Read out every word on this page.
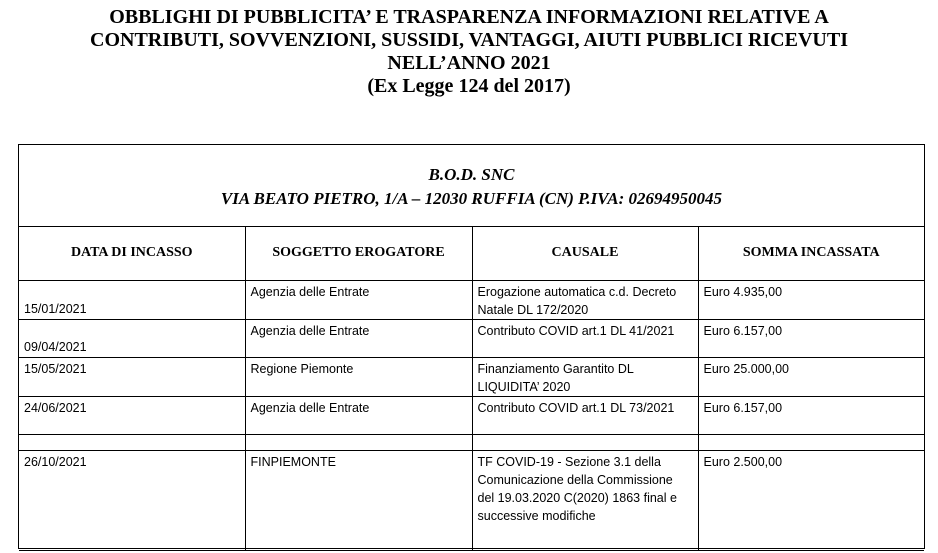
OBBLIGHI DI PUBBLICITA’ E TRASPARENZA INFORMAZIONI RELATIVE A
CONTRIBUTI, SOVVENZIONI, SUSSIDI, VANTAGGI, AIUTI PUBBLICI RICEVUTI
NELL’ANNO 2021
(Ex Legge 124 del 2017)
B.O.D. SNC
VIA BEATO PIETRO, 1/A – 12030 RUFFIA (CN) P.IVA: 02694950045
DATA DI INCASSO	SOGGETTO EROGATORE	CAUSALE	SOMMA INCASSATA
15/01/2021	Agenzia delle Entrate	Erogazione automatica c.d. Decreto Natale DL 172/2020	Euro 4.935,00
09/04/2021	Agenzia delle Entrate	Contributo COVID art.1 DL 41/2021	Euro 6.157,00
15/05/2021	Regione Piemonte	Finanziamento Garantito DL LIQUIDITA’ 2020	Euro 25.000,00
24/06/2021	Agenzia delle Entrate	Contributo COVID art.1 DL 73/2021	Euro 6.157,00

26/10/2021	FINPIEMONTE	TF COVID-19 - Sezione 3.1 della Comunicazione della Commissione del 19.03.2020 C(2020) 1863 final e successive modifiche	Euro 2.500,00
